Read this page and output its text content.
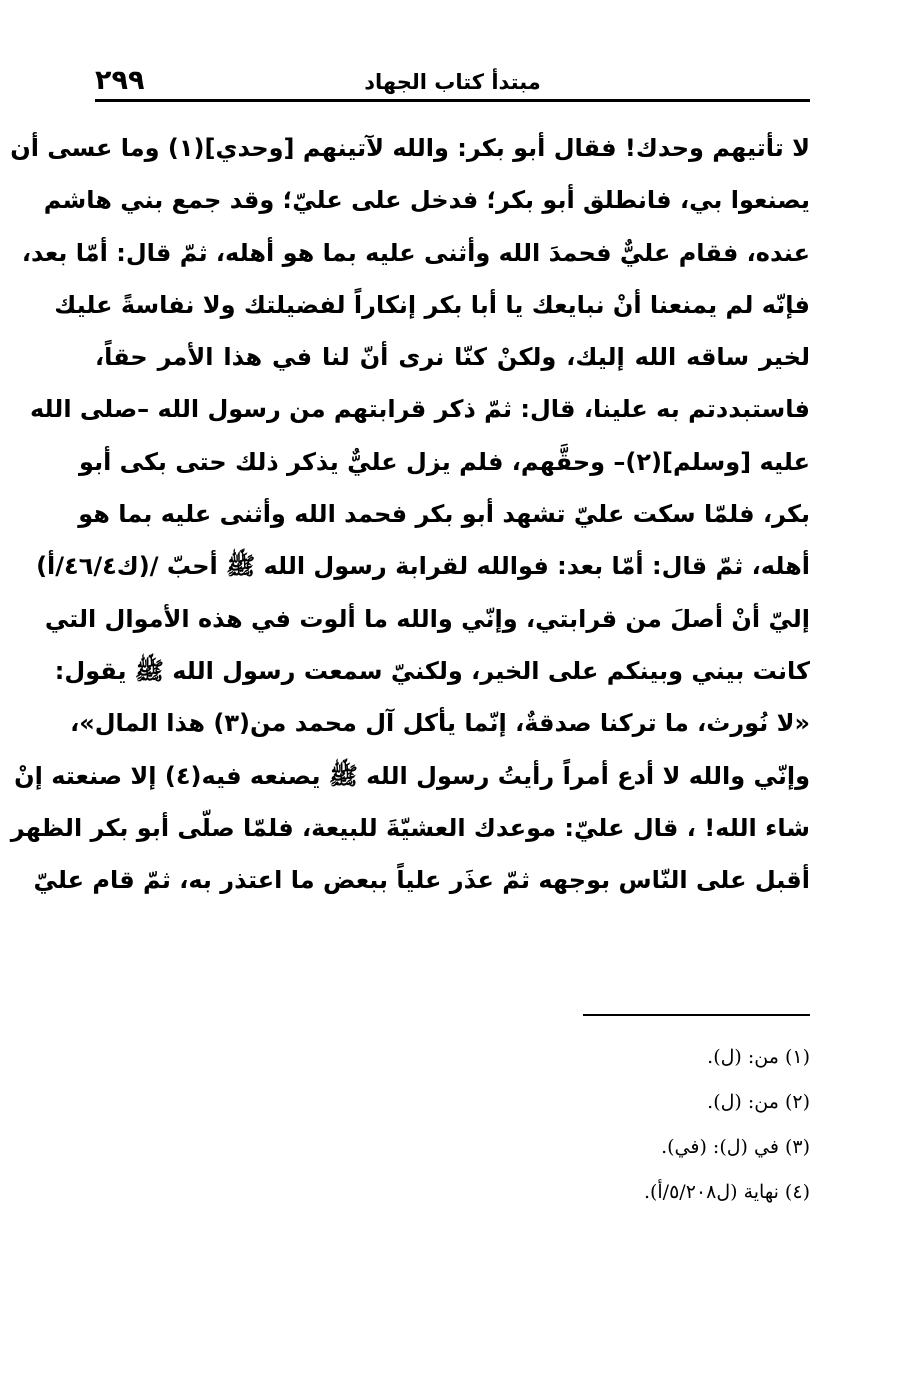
٢٩٩	مبتدأ كتاب الجهاد
لا تأتيهم وحدك! فقال أبو بكر: والله لآتينهم [وحدي](١) وما عسى أن
يصنعوا بي، فانطلق أبو بكر؛ فدخل على عليّ؛ وقد جمع بني هاشم
عنده، فقام عليٌّ فحمدَ الله وأثنى عليه بما هو أهله، ثمّ قال: أمّا بعد،
فإنّه لم يمنعنا أنْ نبايعك يا أبا بكر إنكاراً لفضيلتك ولا نفاسةً عليك
لخير ساقه الله إليك، ولكنْ كنّا نرى أنّ لنا في هذا الأمر حقاً،
فاستبددتم به علينا، قال: ثمّ ذكر قرابتهم من رسول الله –صلى الله
عليه [وسلم](٢)– وحقَّهم، فلم يزل عليٌّ يذكر ذلك حتى بكى أبو
بكر، فلمّا سكت عليّ تشهد أبو بكر فحمد الله وأثنى عليه بما هو
أهله، ثمّ قال: أمّا بعد: فوالله لقرابة رسول الله ﷺ أحبّ /(ك٤٦/٤/أ)
إليّ أنْ أصلَ من قرابتي، وإنّي والله ما ألوت في هذه الأموال التي
كانت بيني وبينكم على الخير، ولكنيّ سمعت رسول الله ﷺ يقول:
«لا نُورث، ما تركنا صدقةٌ، إنّما يأكل آل محمد من(٣) هذا المال»،
وإنّي والله لا أدع أمراً رأيتُ رسول الله ﷺ يصنعه فيه(٤) إلا صنعته إنْ
شاء الله! ، قال عليّ: موعدك العشيّةَ للبيعة، فلمّا صلّى أبو بكر الظهر
أقبل على النّاس بوجهه ثمّ عذَر علياً ببعض ما اعتذر به، ثمّ قام عليّ
(١) من: (ل).
(٢) من: (ل).
(٣) في (ل): (في).
(٤) نهاية (ل٥/٢٠٨/أ).
